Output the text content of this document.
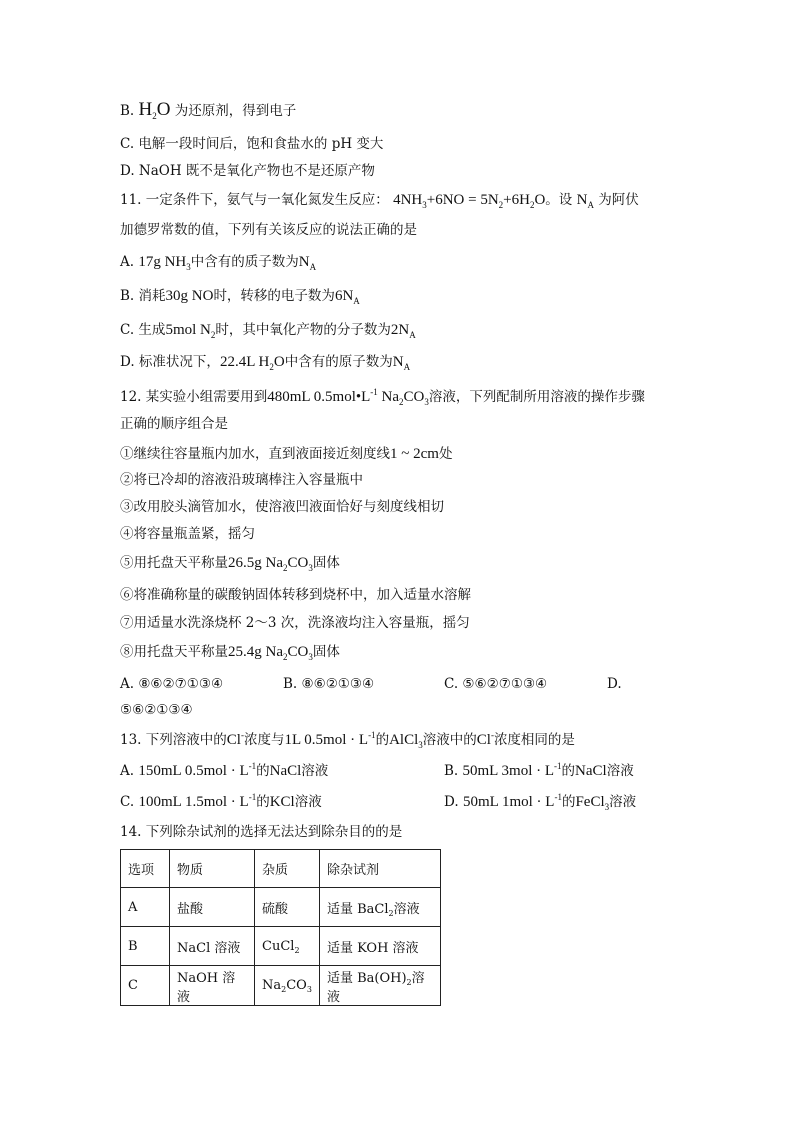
B. $H_2O$ 为还原剂，得到电子
C. 电解一段时间后，饱和食盐水的 pH 变大
D. NaOH 既不是氧化产物也不是还原产物
11. 一定条件下，氨气与一氧化氮发生反应： $4NH_3+6NO = 5N_2+6H_2O$。设 $N_A$ 为阿伏
加德罗常数的值，下列有关该反应的说法正确的是
A. 17g $NH_3$中含有的质子数为$N_A$
B. 消耗30g NO时，转移的电子数为$6N_A$
C. 生成5mol $N_2$时，其中氧化产物的分子数为$2N_A$
D. 标准状况下，22.4L $H_2O$中含有的原子数为$N_A$
12. 某实验小组需要用到480mL $0.5mol•L^{-1}$ $Na_2CO_3$溶液，下列配制所用溶液的操作步骤
正确的顺序组合是
①继续往容量瓶内加水，直到液面接近刻度线1 ~ 2cm处
②将已冷却的溶液沿玻璃棒注入容量瓶中
③改用胶头滴管加水，使溶液凹液面恰好与刻度线相切
④将容量瓶盖紧，摇匀
⑤用托盘天平称量26.5g $Na_2CO_3$固体
⑥将准确称量的碳酸钠固体转移到烧杯中，加入适量水溶解
⑦用适量水洗涤烧杯 2～3 次，洗涤液均注入容量瓶，摇匀
⑧用托盘天平称量25.4g $Na_2CO_3$固体
A. ⑧⑥②⑦①③④	B. ⑧⑥②①③④	C. ⑤⑥②⑦①③④	D.
⑤⑥②①③④
13. 下列溶液中的Cl-浓度与1L $0.5mol \cdot L^{-1}$的AlCl$_3$溶液中的Cl-浓度相同的是
A. 150mL $0.5mol \cdot L^{-1}$的NaCl溶液	B. 50mL $3mol \cdot L^{-1}$的NaCl溶液
C. 100mL $1.5mol \cdot L^{-1}$的KCl溶液	D. 50mL $1mol \cdot L^{-1}$的FeCl$_3$溶液
14. 下列除杂试剂的选择无法达到除杂目的的是
选项	物质	杂质	除杂试剂
A	盐酸	硫酸	适量 BaCl$_2$溶液
B	NaCl 溶液	CuCl$_2$	适量 KOH 溶液
C	NaOH 溶液	$Na_2CO_3$	适量 $Ba(OH)_2$溶液
